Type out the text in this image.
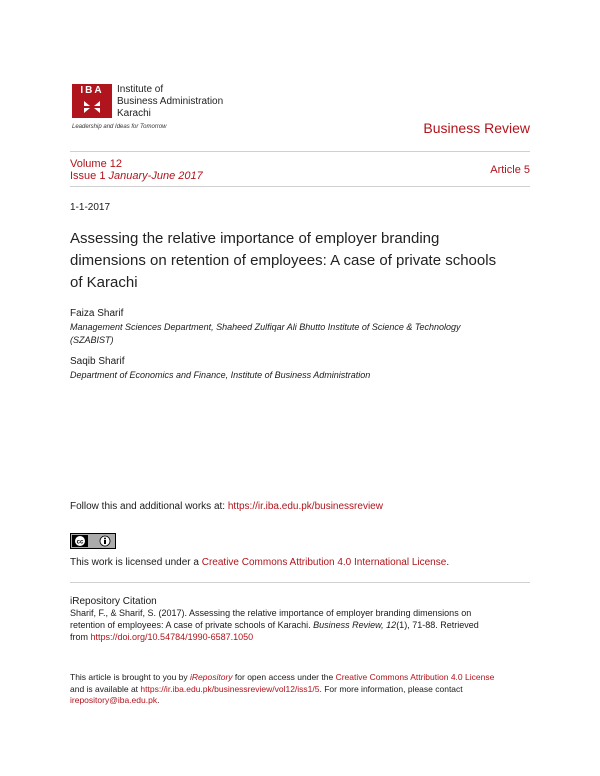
IBA	Institute of
Business Administration
Karachi
Leadership and Ideas for Tomorrow	Business Review
Volume 12
Issue 1 January-June 2017	Article 5
1-1-2017
Assessing the relative importance of employer branding
dimensions on retention of employees: A case of private schools
of Karachi
Faiza Sharif
Management Sciences Department, Shaheed Zulfiqar Ali Bhutto Institute of Science & Technology
(SZABIST)
Saqib Sharif
Department of Economics and Finance, Institute of Business Administration
Follow this and additional works at: https://ir.iba.edu.pk/businessreview
cc
This work is licensed under a Creative Commons Attribution 4.0 International License.
iRepository Citation
Sharif, F., & Sharif, S. (2017). Assessing the relative importance of employer branding dimensions on
retention of employees: A case of private schools of Karachi. Business Review, 12(1), 71-88. Retrieved
from https://doi.org/10.54784/1990-6587.1050
This article is brought to you by iRepository for open access under the Creative Commons Attribution 4.0 License
and is available at https://ir.iba.edu.pk/businessreview/vol12/iss1/5. For more information, please contact
irepository@iba.edu.pk.
